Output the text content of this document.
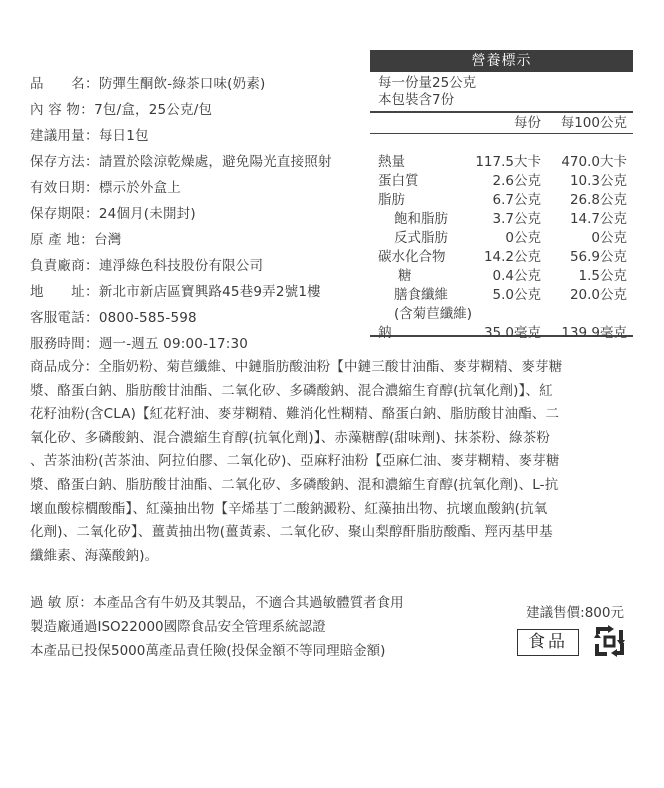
品　　名：防彈生酮飲-綠茶口味(奶素)
內 容 物：7包/盒，25公克/包
建議用量：每日1包
保存方法：請置於陰涼乾燥處，避免陽光直接照射
有效日期：標示於外盒上
保存期限：24個月(未開封)
原 產 地：台灣
負責廠商：連淨綠色科技股份有限公司
地　　址：新北市新店區寶興路45巷9弄2號1樓
客服電話：0800-585-598
服務時間：週一-週五 09:00-17:30
營養標示
每一份量25公克
本包裝含7份
每份 每100公克
熱量	117.5大卡 470.0大卡
蛋白質	2.6公克 10.3公克
脂肪	6.7公克 26.8公克
飽和脂肪	3.7公克 14.7公克
反式脂肪	0公克	0公克
碳水化合物	14.2公克 56.9公克
糖	0.4公克	1.5公克
膳食纖維	5.0公克 20.0公克
(含菊苣纖維)
鈉	35.0毫克 139.9毫克
商品成分：全脂奶粉、菊苣纖維、中鏈脂肪酸油粉【中鏈三酸甘油酯、麥芽糊精、麥芽糖
漿、酪蛋白鈉、脂肪酸甘油酯、二氧化矽、多磷酸鈉、混合濃縮生育醇(抗氧化劑)】、紅
花籽油粉(含CLA)【紅花籽油、麥芽糊精、難消化性糊精、酪蛋白鈉、脂肪酸甘油酯、二
氧化矽、多磷酸鈉、混合濃縮生育醇(抗氧化劑)】、赤藻糖醇(甜味劑)、抹茶粉、綠茶粉
、苦茶油粉(苦茶油、阿拉伯膠、二氧化矽)、亞麻籽油粉【亞麻仁油、麥芽糊精、麥芽糖
漿、酪蛋白鈉、脂肪酸甘油酯、二氧化矽、多磷酸鈉、混和濃縮生育醇(抗氧化劑)、L-抗
壞血酸棕櫚酸酯】、紅藻抽出物【辛烯基丁二酸鈉澱粉、紅藻抽出物、抗壞血酸鈉(抗氧
化劑)、二氧化矽】、薑黃抽出物(薑黃素、二氧化矽、聚山梨醇酐脂肪酸酯、羥丙基甲基
纖維素、海藻酸鈉)。
過 敏 原：本產品含有牛奶及其製品，不適合其過敏體質者食用
製造廠通過ISO22000國際食品安全管理系統認證
本產品已投保5000萬產品責任險(投保金額不等同理賠金額)
建議售價:800元
食品
